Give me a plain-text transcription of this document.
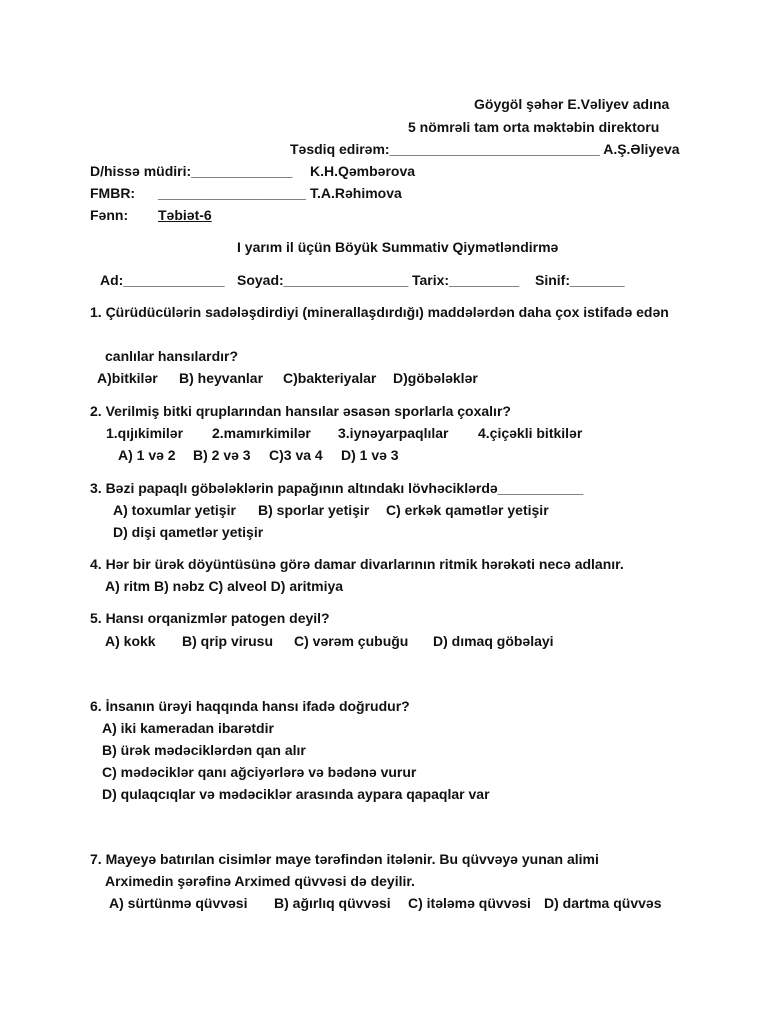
Göygöl şəhər E.Vəliyev adına
5 nömrəli tam orta məktəbin direktoru
Təsdiq edirəm:___________________________ A.Ş.Əliyeva
D/hissə müdiri:_____________ K.H.Qəmbərova
FMBR: ___________________ T.A.Rəhimova
Fənn: Təbiət-6
I yarım il üçün Böyük Summativ Qiymətləndirmə
Ad:_____________ Soyad:________________ Tarix:_________ Sinif:_______
1. Çürüdücülərin sadələşdirdiyi (minerallaşdırdığı) maddələrdən daha çox istifadə edən
canlılar hansılardır?
A)bitkilər B) heyvanlar C)bakteriyalar D)göbələklər
2. Verilmiş bitki qruplarından hansılar əsasən sporlarla çoxalır?
1.qıjıkimilər 2.mamırkimilər 3.iynəyarpaqlılar 4.çiçəkli bitkilər
A) 1 və 2 B) 2 və 3 C)3 va 4 D) 1 və 3
3. Bəzi papaqlı göbələklərin papağının altındakı lövhəciklərdə___________
A) toxumlar yetişir B) sporlar yetişir C) erkək qamətlər yetişir
D) dişi qametlər yetişir
4. Hər bir ürək döyüntüsünə görə damar divarlarının ritmik hərəkəti necə adlanır.
A) ritm B) nəbz C) alveol D) aritmiya
5. Hansı orqanizmlər patogen deyil?
A) kokk B) qrip virusu C) vərəm çubuğu D) dımaq göbəlayi
6. İnsanın ürəyi haqqında hansı ifadə doğrudur?
A) iki kameradan ibarətdir
B) ürək mədəciklərdən qan alır
C) mədəciklər qanı ağciyərlərə və bədənə vurur
D) qulaqcıqlar və mədəciklər arasında aypara qapaqlar var
7. Mayeyə batırılan cisimlər maye tərəfindən itələnir. Bu qüvvəyə yunan alimi
Arximedin şərəfinə Arximed qüvvəsi də deyilir.
A) sürtünmə qüvvəsi B) ağırlıq qüvvəsi C) itələmə qüvvəsi D) dartma qüvvəs
